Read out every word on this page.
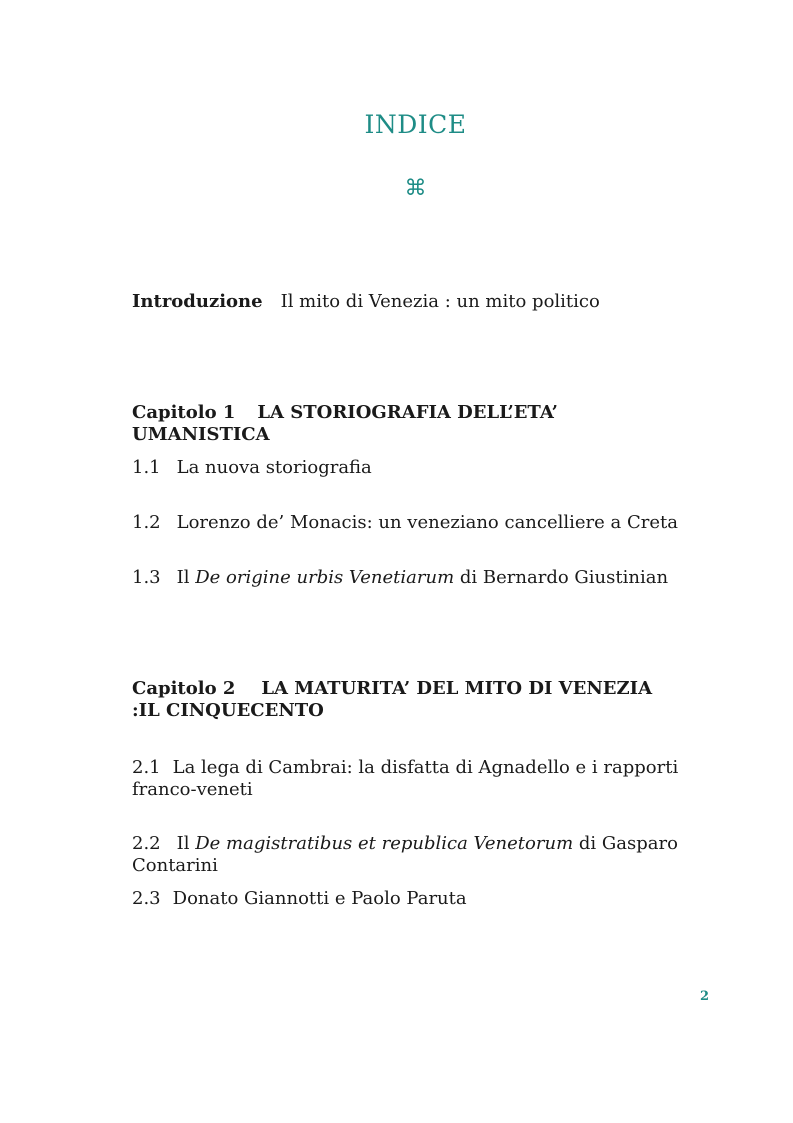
INDICE
⌘
Introduzione Il mito di Venezia : un mito politico
Capitolo 1 LA STORIOGRAFIA DELL’ETA’ UMANISTICA
1.1 La nuova storiografia
1.2 Lorenzo de’ Monacis: un veneziano cancelliere a Creta
1.3 Il De origine urbis Venetiarum di Bernardo Giustinian
Capitolo 2 LA MATURITA’ DEL MITO DI VENEZIA :IL CINQUECENTO
2.1 La lega di Cambrai: la disfatta di Agnadello e i rapporti franco-veneti
2.2 Il De magistratibus et republica Venetorum di Gasparo Contarini
2.3 Donato Giannotti e Paolo Paruta
2
